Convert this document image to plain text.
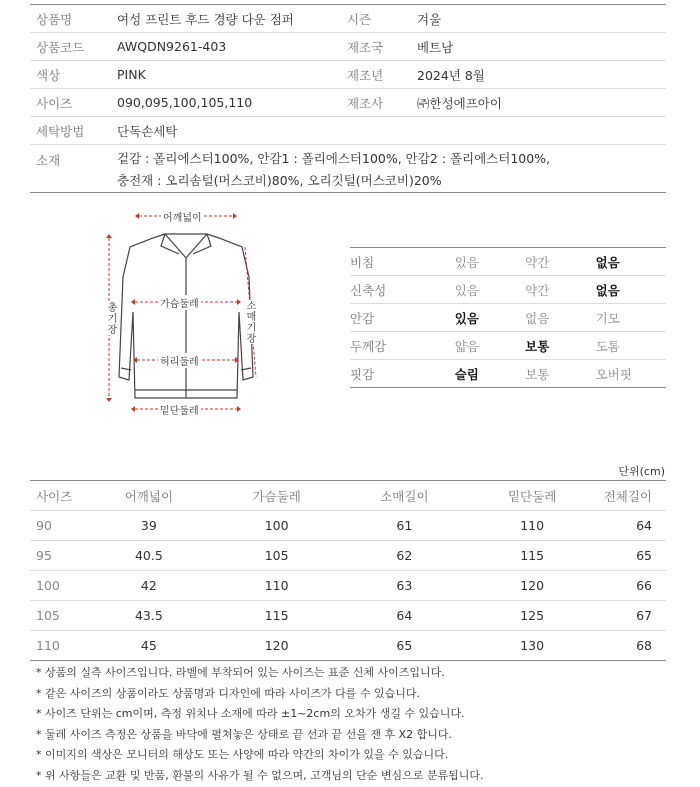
상품명	여성 프린트 후드 경량 다운 점퍼	시즌	겨울
상품코드	AWQDN9261-403	제조국	베트남
색상	PINK	제조년	2024년 8월
사이즈	090,095,100,105,110	제조사	㈜한성에프아이
세탁방법	단독손세탁
소재	겉감 : 폴리에스터100%, 안감1 : 폴리에스터100%, 안감2 : 폴리에스터100%,
충전재 : 오리솜털(머스코비)80%, 오리깃털(머스코비)20%
어깨넓이
가슴둘레
허리둘레
밑단둘레
총기장	소매기장
비침	있음	약간	없음
신축성	있음	약간	없음
안감	있음	없음	기모
두께감	얇음	보통	도톰
핏감	슬림	보통	오버핏
단위(cm)
사이즈	어깨넓이	가슴둘레	소매길이	밑단둘레	전체길이
90	39	100	61	110	64
95	40.5	105	62	115	65
100	42	110	63	120	66
105	43.5	115	64	125	67
110	45	120	65	130	68
* 상품의 실측 사이즈입니다. 라벨에 부착되어 있는 사이즈는 표준 신체 사이즈입니다.
* 같은 사이즈의 상품이라도 상품명과 디자인에 따라 사이즈가 다를 수 있습니다.
* 사이즈 단위는 cm이며, 측정 위치나 소재에 따라 ±1~2cm의 오차가 생길 수 있습니다.
* 둘레 사이즈 측정은 상품을 바닥에 펼쳐놓은 상태로 끝 선과 끝 선을 잰 후 X2 합니다.
* 이미지의 색상은 모니터의 해상도 또는 사양에 따라 약간의 차이가 있을 수 있습니다.
* 위 사항들은 교환 및 반품, 환불의 사유가 될 수 없으며, 고객님의 단순 변심으로 분류됩니다.
